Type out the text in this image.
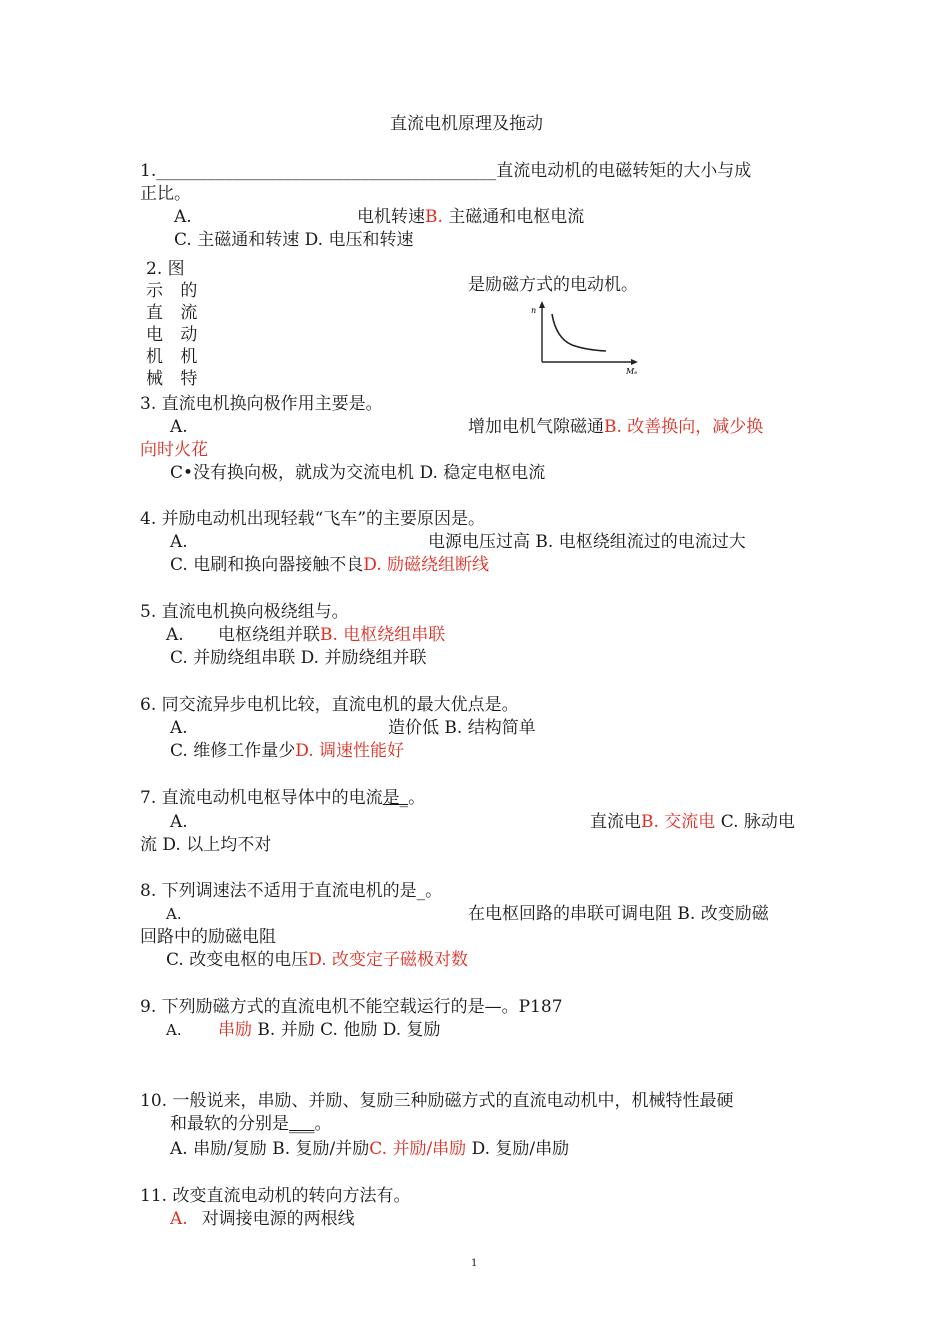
直流电机原理及拖动
1.________________________________________直流电动机的电磁转矩的大小与成
正比。
A.	电机转速B. 主磁通和电枢电流
C. 主磁通和转速 D. 电压和转速
2. 图
示 的
直 流
电 动
机 机
械 特
是励磁方式的电动机。
n
Mₑ
3. 直流电机换向极作用主要是。
A.	增加电机气隙磁通B. 改善换向，减少换
向时火花
C•没有换向极，就成为交流电机 D. 稳定电枢电流
4. 并励电动机出现轻载“飞车”的主要原因是。
A.	电源电压过高 B. 电枢绕组流过的电流过大
C. 电刷和换向器接触不良D. 励磁绕组断线
5. 直流电机换向极绕组与。
A. 电枢绕组并联B. 电枢绕组串联
C. 并励绕组串联 D. 并励绕组并联
6. 同交流异步电机比较，直流电机的最大优点是。
A.	造价低 B. 结构简单
C. 维修工作量少D. 调速性能好
7. 直流电动机电枢导体中的电流是_。
A.	直流电B. 交流电 C. 脉动电
流 D. 以上均不对
8. 下列调速法不适用于直流电机的是_。
A.	在电枢回路的串联可调电阻 B. 改变励磁
回路中的励磁电阻
C. 改变电枢的电压D. 改变定子磁极对数
9. 下列励磁方式的直流电机不能空载运行的是—。P187
A. 串励 B. 并励 C. 他励 D. 复励
10. 一般说来，串励、并励、复励三种励磁方式的直流电动机中，机械特性最硬
和最软的分别是___。
A. 串励/复励 B. 复励/并励C. 并励/串励 D. 复励/串励
11. 改变直流电动机的转向方法有。
A. 对调接电源的两根线
1
